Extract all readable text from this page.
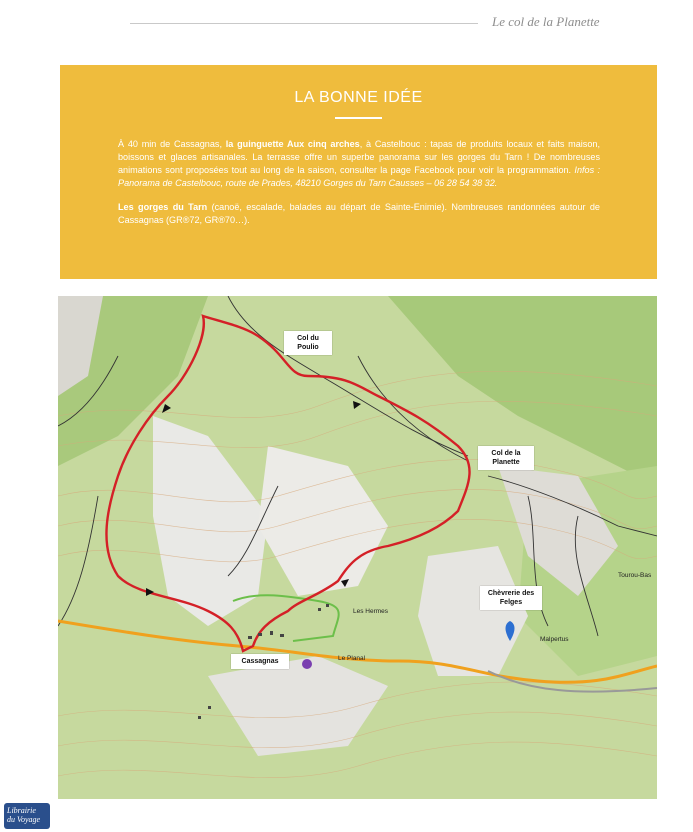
Le col de la Planette
LA BONNE IDÉE

À 40 min de Cassagnas, la guinguette Aux cinq arches, à Castelbouc : tapas de produits locaux et faits maison, boissons et glaces artisanales. La terrasse offre un superbe panorama sur les gorges du Tarn ! De nombreuses animations sont proposées tout au long de la saison, consulter la page Facebook pour voir la programmation. Infos : Panorama de Castelbouc, route de Prades, 48210 Gorges du Tarn Causses – 06 28 54 38 32.

Les gorges du Tarn (canoë, escalade, balades au départ de Sainte-Enimie). Nombreuses randonnées autour de Cassagnas (GR®72, GR®70…).

Col du Poulio
Col de la Planette
Chèvrerie des Felges
Cassagnas
Les Hermes
Malpertus
Tourou-Bas
Le Planal
Librairie
du Voyage
